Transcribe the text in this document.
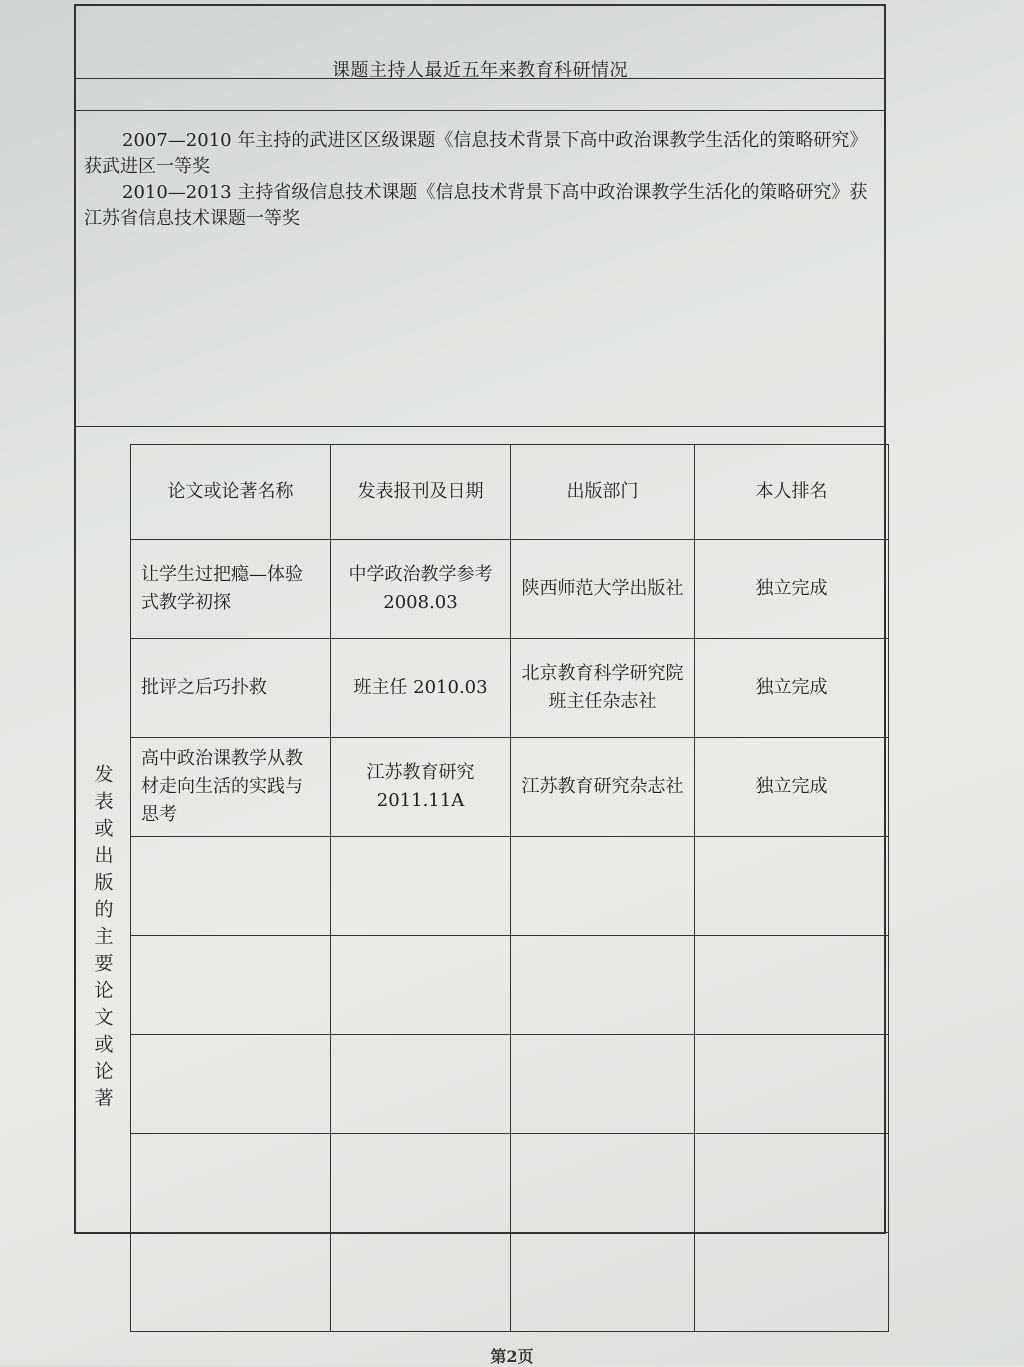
课题主持人最近五年来教育科研情况

2007—2010 年主持的武进区区级课题《信息技术背景下高中政治课教学生活化的策略研究》获武进区一等奖

2010—2013 主持省级信息技术课题《信息技术背景下高中政治课教学生活化的策略研究》获江苏省信息技术课题一等奖

发表或出版的主要论文或论著
论文或论著名称	发表报刊及日期	出版部门	本人排名
让学生过把瘾—体验式教学初探	中学政治教学参考 2008.03	陕西师范大学出版社	独立完成
批评之后巧扑救	班主任 2010.03	北京教育科学研究院班主任杂志社	独立完成
高中政治课教学从教材走向生活的实践与思考	江苏教育研究 2011.11A	江苏教育研究杂志社	独立完成

第2页
